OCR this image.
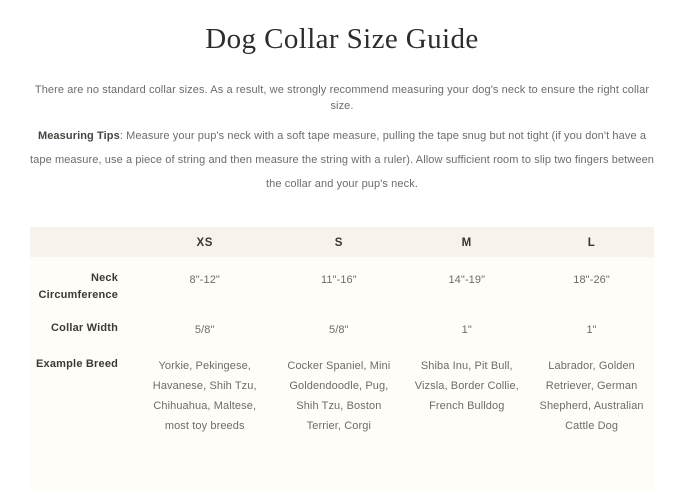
Dog Collar Size Guide

There are no standard collar sizes. As a result, we strongly recommend measuring your dog's neck to ensure the right collar size.

Measuring Tips: Measure your pup's neck with a soft tape measure, pulling the tape snug but not tight (if you don't have a tape measure, use a piece of string and then measure the string with a ruler). Allow sufficient room to slip two fingers between the collar and your pup's neck.

	XS	S	M	L
Neck Circumference	8"-12"	11"-16"	14"-19"	18"-26"
Collar Width	5/8"	5/8"	1"	1"
Example Breed	Yorkie, Pekingese, Havanese, Shih Tzu, Chihuahua, Maltese, most toy breeds	Cocker Spaniel, Mini Goldendoodle, Pug, Shih Tzu, Boston Terrier, Corgi	Shiba Inu, Pit Bull, Vizsla, Border Collie, French Bulldog	Labrador, Golden Retriever, German Shepherd, Australian Cattle Dog
